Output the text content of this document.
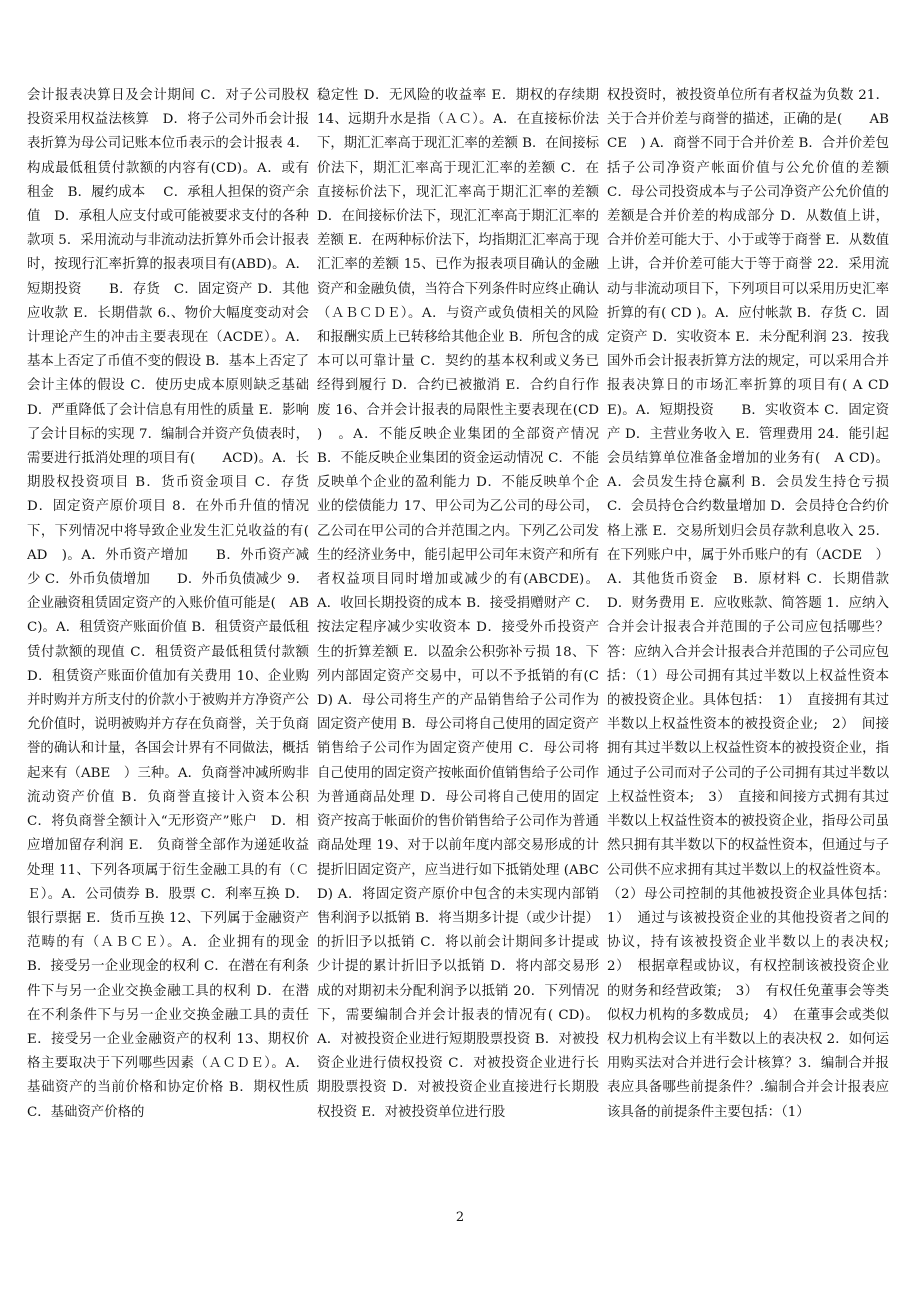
会计报表决算日及会计期间 C．对子公司股权投资采用权益法核算　D．将子公司外币会计报表折算为母公司记账本位币表示的会计报表 4．构成最低租赁付款额的内容有(CD)。A．或有租金　B．履约成本　 C．承租人担保的资产余值　D．承租人应支付或可能被要求支付的各种款项 5．采用流动与非流动法折算外币会计报表时，按现行汇率折算的报表项目有(ABD)。A．短期投资　　B．存货　C．固定资产 D．其他应收款 E．长期借款 6.、物价大幅度变动对会计理论产生的冲击主要表现在（ACDE）。A．基本上否定了币值不变的假设 B．基本上否定了会计主体的假设 C．使历史成本原则缺乏基础 D．严重降低了会计信息有用性的质量 E．影响了会计目标的实现 7．编制合并资产负债表时，需要进行抵消处理的项目有(　　ACD)。A．长期股权投资项目 B．货币资金项目 C．存货 D．固定资产原价项目 8．在外币升值的情况下，下列情况中将导致企业发生汇兑收益的有( AD　)。A．外币资产增加　　B．外币资产减少 C．外币负债增加　　D．外币负债减少 9．企业融资租赁固定资产的入账价值可能是(　ABC)。A．租赁资产账面价值 B．租赁资产最低租赁付款额的现值 C．租赁资产最低租赁付款额 D．租赁资产账面价值加有关费用 10、企业购并时购并方所支付的价款小于被购并方净资产公允价值时，说明被购并方存在负商誉，关于负商誉的确认和计量，各国会计界有不同做法，概括起来有（ABE　）三种。A．负商誉冲减所购非流动资产价值 B．负商誉直接计入资本公积 C．将负商誉全额计入“无形资产”账户　D．相应增加留存利润 E.　负商誉全部作为递延收益处理 11、下列各项属于衍生金融工具的有（ＣＥ）。A．公司债券 B．股票 C．利率互换 D．银行票据 E．货币互换 12、下列属于金融资产范畴的有（ＡＢＣＥ）。A．企业拥有的现金 B．接受另一企业现金的权利 C．在潜在有利条件下与另一企业交换金融工具的权利 D．在潜在不利条件下与另一企业交换金融工具的责任 E．接受另一企业金融资产的权利 13、期权价格主要取决于下列哪些因素（ＡＣＤＥ）。A．基础资产的当前价格和协定价格 B．期权性质 C．基础资产价格的
稳定性 D．无风险的收益率 E．期权的存续期 14、远期升水是指（ＡＣ）。A．在直接标价法下，期汇汇率高于现汇汇率的差额 B．在间接标价法下，期汇汇率高于现汇汇率的差额 C．在直接标价法下，现汇汇率高于期汇汇率的差额 D．在间接标价法下，现汇汇率高于期汇汇率的差额 E．在两种标价法下，均指期汇汇率高于现汇汇率的差额 15、已作为报表项目确认的金融资产和金融负债，当符合下列条件时应终止确认（ＡＢＣＤＥ）。A．与资产或负债相关的风险和报酬实质上已转移给其他企业 B．所包含的成本可以可靠计量 C．契约的基本权利或义务已经得到履行 D．合约已被撤消 E．合约自行作废 16、合并会计报表的局限性主要表现在(CD　)　。A．不能反映企业集团的全部资产情况 B．不能反映企业集团的资金运动情况 C．不能反映单个企业的盈利能力 D．不能反映单个企业的偿债能力 17、甲公司为乙公司的母公司，乙公司在甲公司的合并范围之内。下列乙公司发生的经济业务中，能引起甲公司年末资产和所有者权益项目同时增加或减少的有(ABCDE)。A．收回长期投资的成本 B．接受捐赠财产 C．按法定程序减少实收资本 D．接受外币投资产生的折算差额 E．以盈余公积弥补亏损 18、下列内部固定资产交易中，可以不予抵销的有(CD) A．母公司将生产的产品销售给子公司作为固定资产使用 B．母公司将自己使用的固定资产销售给子公司作为固定资产使用 C．母公司将自己使用的固定资产按帐面价值销售给子公司作为普通商品处理 D．母公司将自己使用的固定资产按高于帐面价的售价销售给子公司作为普通商品处理 19、对于以前年度内部交易形成的计提折旧固定资产，应当进行如下抵销处理 (ABCD) A．将固定资产原价中包含的未实现内部销售利润予以抵销 B．将当期多计提（或少计提）的折旧予以抵销 C．将以前会计期间多计提或少计提的累计折旧予以抵销 D．将内部交易形成的对期初未分配利润予以抵销 20．下列情况下，需要编制合并会计报表的情况有( CD)。A．对被投资企业进行短期股票投资 B．对被投资企业进行债权投资 C．对被投资企业进行长期股票投资 D．对被投资企业直接进行长期股权投资 E．对被投资单位进行股
权投资时，被投资单位所有者权益为负数 21．关于合并价差与商誉的描述，正确的是(　　ABCE　) A．商誉不同于合并价差 B．合并价差包括子公司净资产帐面价值与公允价值的差额 C．母公司投资成本与子公司净资产公允价值的差额是合并价差的构成部分 D．从数值上讲，合并价差可能大于、小于或等于商誉 E．从数值上讲，合并价差可能大于等于商誉 22．采用流动与非流动项目下，下列项目可以采用历史汇率折算的有( CD )。A．应付帐款 B．存货 C．固定资产 D．实收资本 E．未分配利润 23．按我国外币会计报表折算方法的规定，可以采用合并报表决算日的市场汇率折算的项目有( A CDE)。A．短期投资　　B．实收资本 C．固定资产 D．主营业务收入 E．管理费用 24．能引起会员结算单位准备金增加的业务有(　A CD)。A．会员发生持仓赢利 B．会员发生持仓亏损 C．会员持仓合约数量增加 D．会员持仓合约价格上涨 E．交易所划归会员存款利息收入 25．在下列账户中，属于外币账户的有（ACDE　）A．其他货币资金　B．原材料 C．长期借款　D．财务费用 E．应收账款、简答题 1．应纳入合并会计报表合并范围的子公司应包括哪些？答：应纳入合并会计报表合并范围的子公司应包括：（1）母公司拥有其过半数以上权益性资本的被投资企业。具体包括：　1）　直接拥有其过半数以上权益性资本的被投资企业;　2）　间接拥有其过半数以上权益性资本的被投资企业，指通过子公司而对子公司的子公司拥有其过半数以上权益性资本;　3）　直接和间接方式拥有其过半数以上权益性资本的被投资企业，指母公司虽然只拥有其半数以下的权益性资本，但通过与子公司供不应求拥有其过半数以上的权益性资本。（2）母公司控制的其他被投资企业具体包括：　1）　通过与该被投资企业的其他投资者之间的协议，持有该被投资企业半数以上的表决权;　2）　根据章程或协议，有权控制该被投资企业的财务和经营政策;　3）　有权任免董事会等类似权力机构的多数成员;　4）　在董事会或类似权力机构会议上有半数以上的表决权 2．如何运用购买法对合并进行会计核算？3．编制合并报表应具备哪些前提条件？.编制合并会计报表应该具备的前提条件主要包括：（1）
2
